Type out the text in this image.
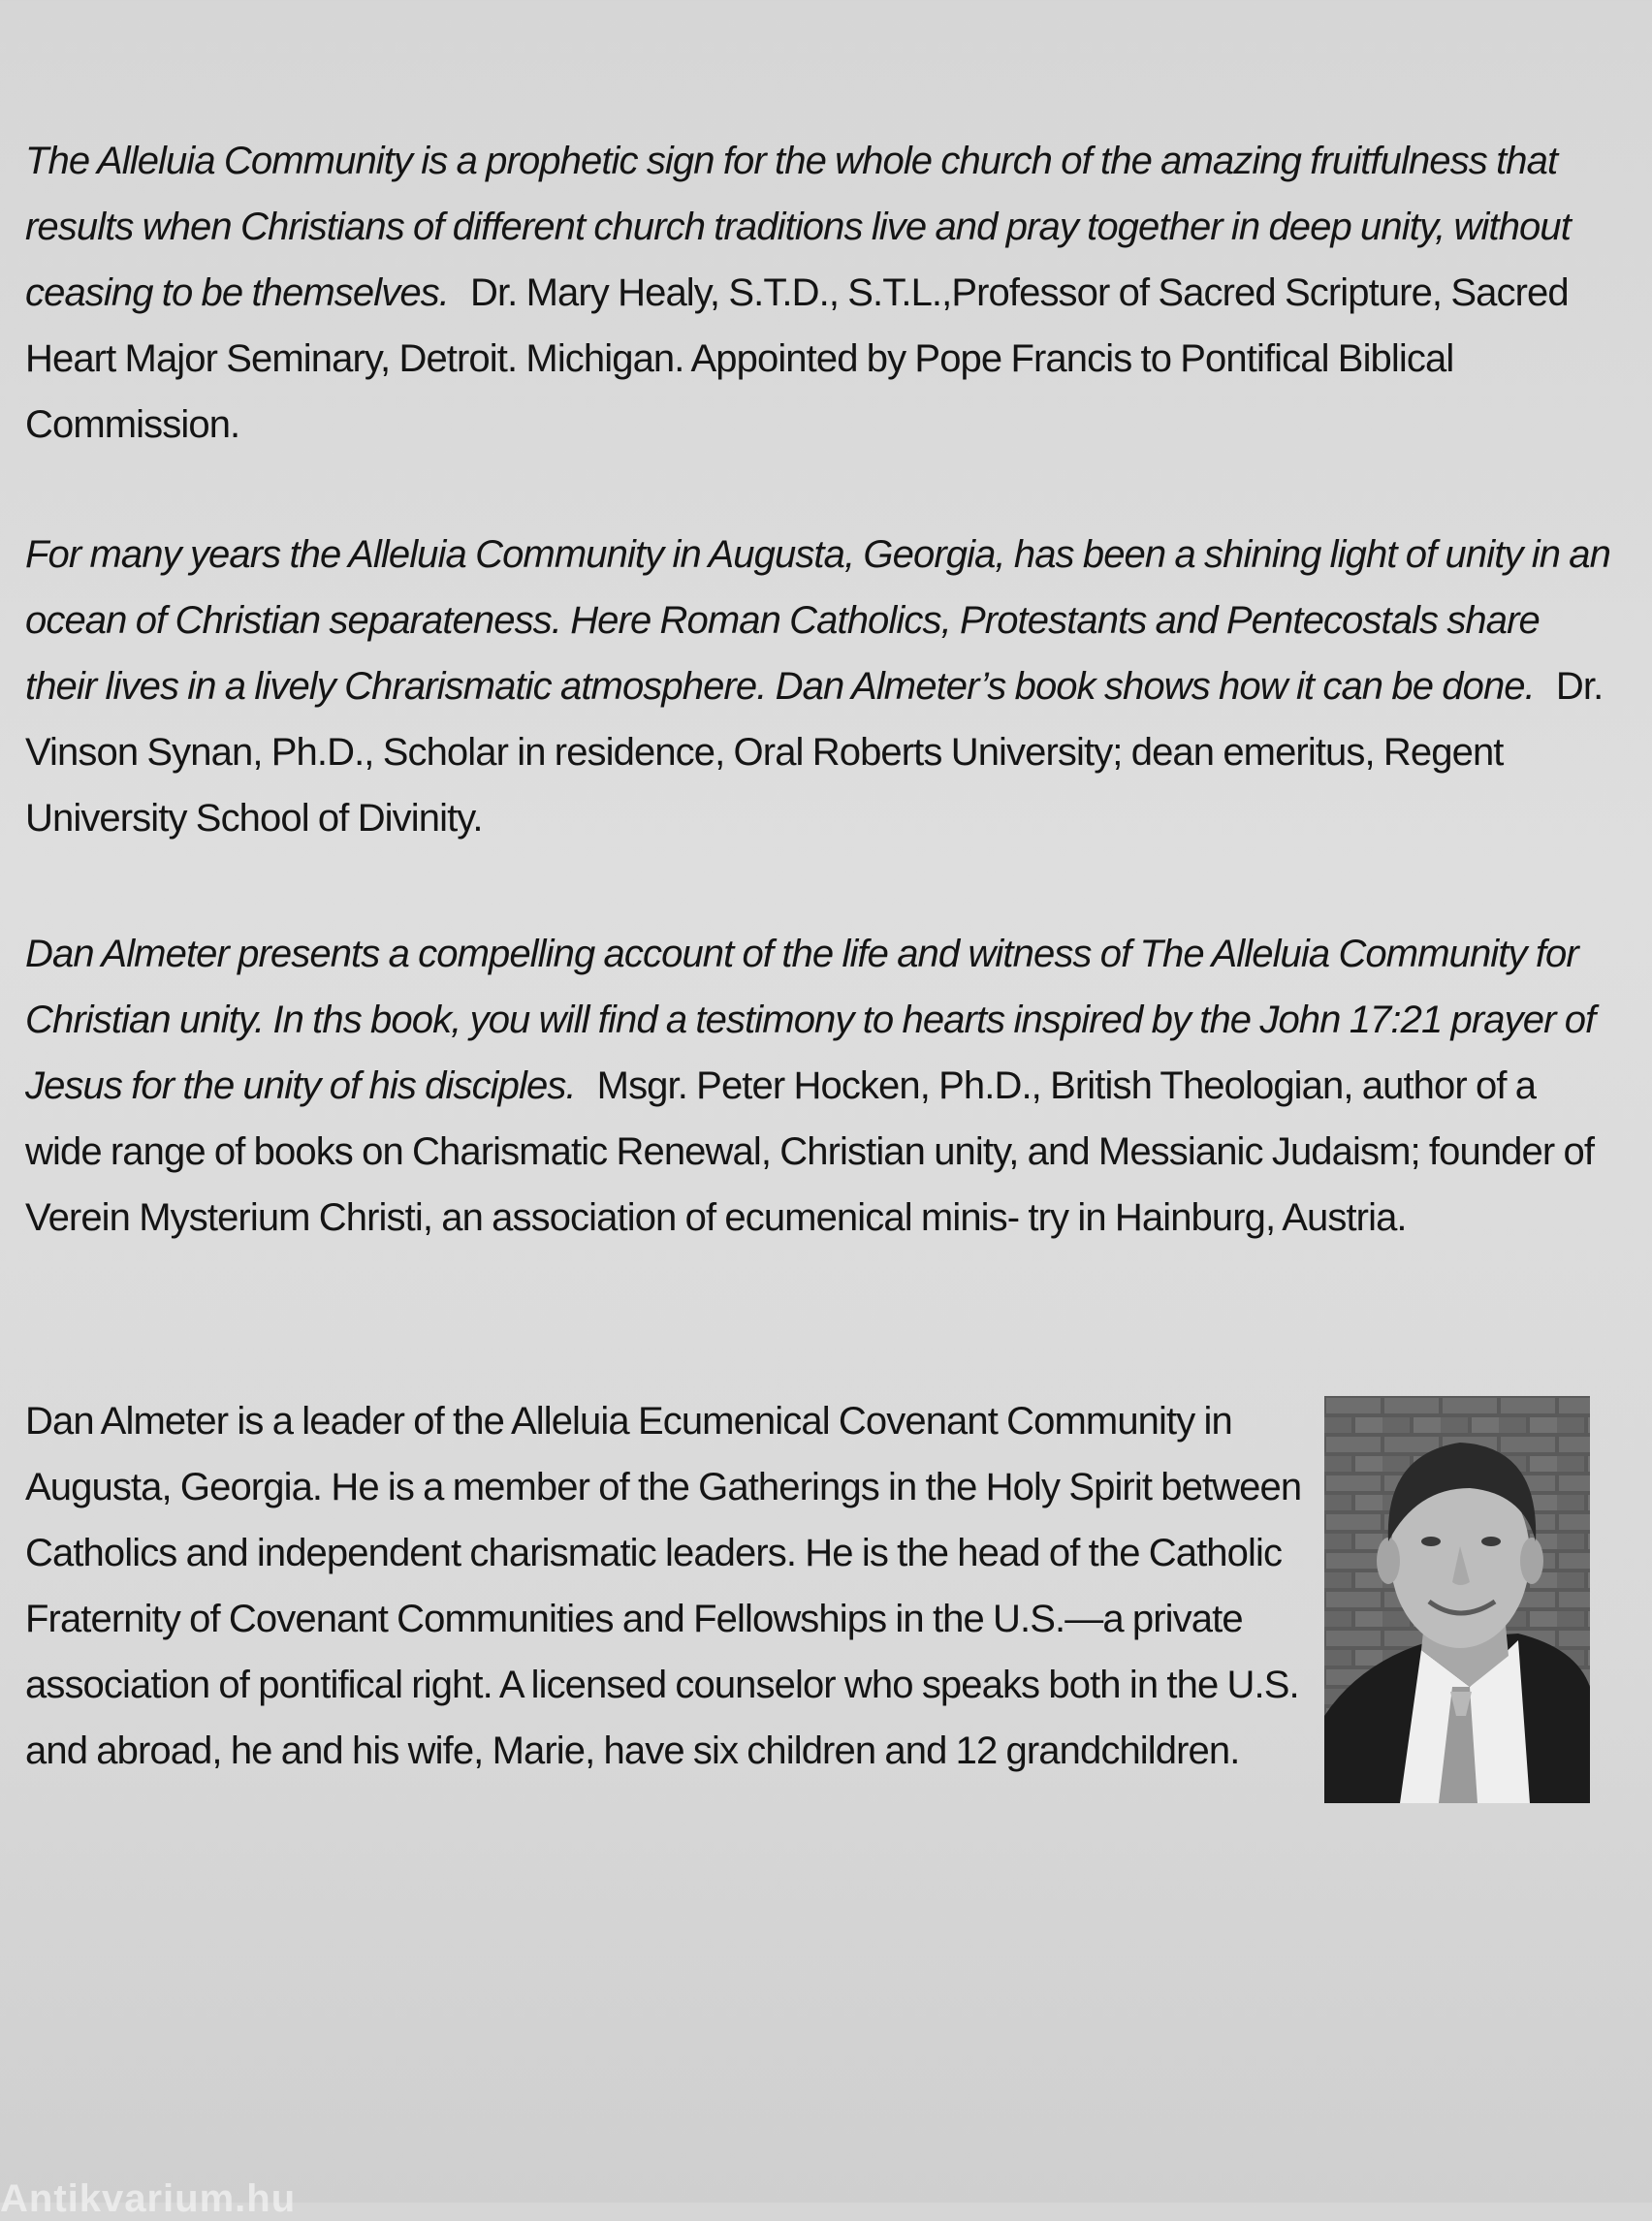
The Alleluia Community is a prophetic sign for the whole church of the amazing fruitfulness that results when Christians of different church traditions live and pray together in deep unity, without ceasing to be themselves. Dr. Mary Healy, S.T.D., S.T.L.,Professor of Sacred Scripture, Sacred Heart Major Seminary, Detroit. Michigan. Appointed by Pope Francis to Pontifical Biblical Commission.

For many years the Alleluia Community in Augusta, Georgia, has been a shining light of unity in an ocean of Christian separateness. Here Roman Catholics, Protestants and Pentecostals share their lives in a lively Chrarismatic atmosphere. Dan Almeter’s book shows how it can be done. Dr. Vinson Synan, Ph.D., Scholar in residence, Oral Roberts University; dean emeritus, Regent University School of Divinity.

Dan Almeter presents a compelling account of the life and witness of The Alleluia Community for Christian unity. In ths book, you will find a testimony to hearts inspired by the John 17:21 prayer of Jesus for the unity of his disciples. Msgr. Peter Hocken, Ph.D., British Theologian, author of a wide range of books on Charismatic Renewal, Christian unity, and Messianic Judaism; founder of Verein Mysterium Christi, an association of ecumenical minis- try in Hainburg, Austria.

Dan Almeter is a leader of the Alleluia Ecumenical Covenant Community in Augusta, Georgia. He is a member of the Gatherings in the Holy Spirit between Catholics and independent charismatic leaders. He is the head of the Catholic Fraternity of Covenant Communities and Fellowships in the U.S.—a private association of pontifical right. A licensed counselor who speaks both in the U.S. and abroad, he and his wife, Marie, have six children and 12 grandchildren.

Antikvarium.hu
